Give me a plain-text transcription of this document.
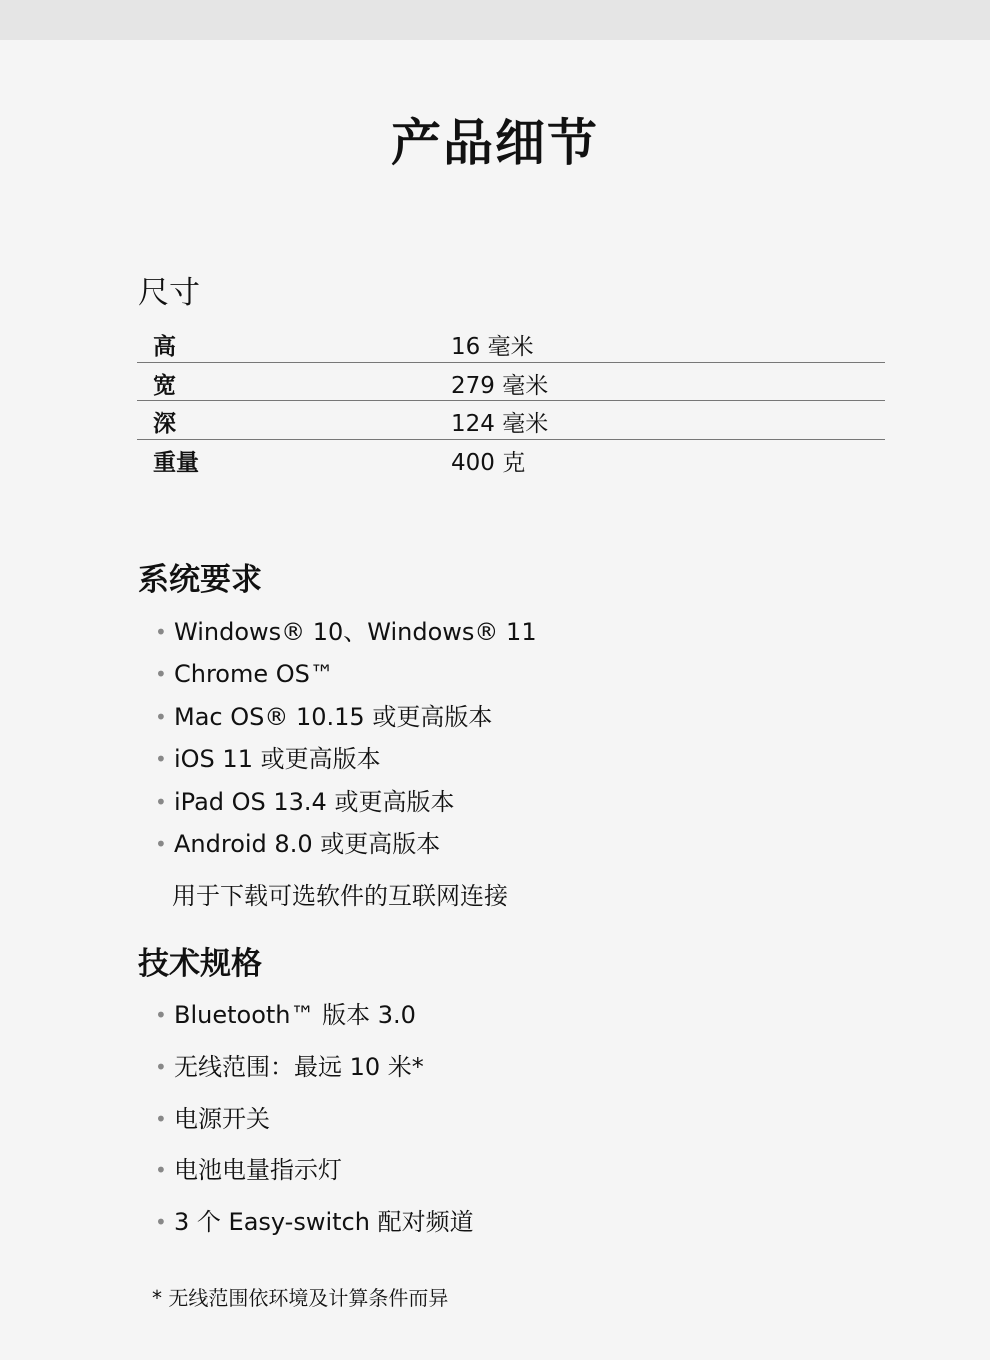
产品细节
尺寸
高	16 毫米
宽	279 毫米
深	124 毫米
重量	400 克
系统要求
• Windows® 10、Windows® 11
• Chrome OS™
• Mac OS® 10.15 或更高版本
• iOS 11 或更高版本
• iPad OS 13.4 或更高版本
• Android 8.0 或更高版本
用于下载可选软件的互联网连接
技术规格
• Bluetooth™ 版本 3.0
• 无线范围：最远 10 米*
• 电源开关
• 电池电量指示灯
• 3 个 Easy-switch 配对频道
* 无线范围依环境及计算条件而异
